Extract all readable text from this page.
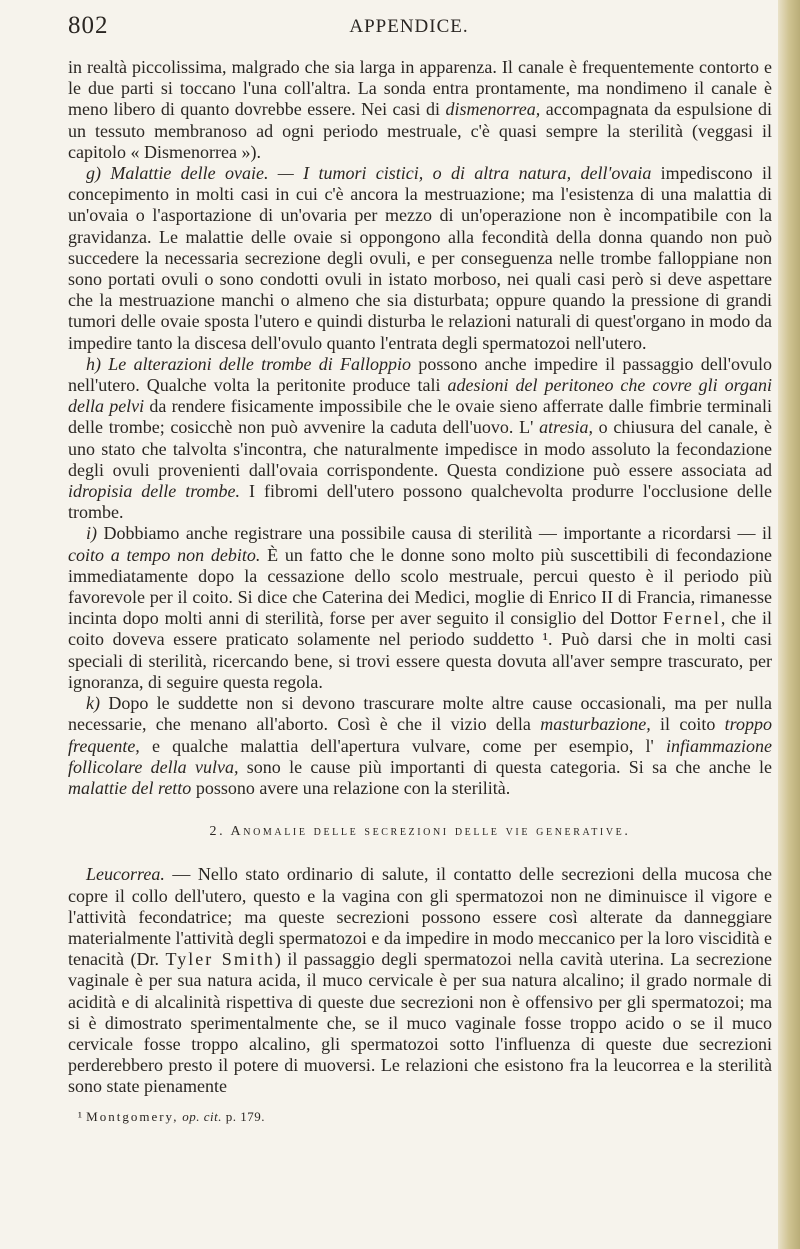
802	APPENDICE.

in realtà piccolissima, malgrado che sia larga in apparenza. Il canale è frequentemente contorto e le due parti si toccano l'una coll'altra. La sonda entra prontamente, ma nondimeno il canale è meno libero di quanto dovrebbe essere. Nei casi di dismenorrea, accompagnata da espulsione di un tessuto membranoso ad ogni periodo mestruale, c'è quasi sempre la sterilità (veggasi il capitolo « Dismenorrea »).

g) Malattie delle ovaie. — I tumori cistici, o di altra natura, dell'ovaia impediscono il concepimento in molti casi in cui c'è ancora la mestruazione; ma l'esistenza di una malattia di un'ovaia o l'asportazione di un'ovaria per mezzo di un'operazione non è incompatibile con la gravidanza. Le malattie delle ovaie si oppongono alla fecondità della donna quando non può succedere la necessaria secrezione degli ovuli, e per conseguenza nelle trombe falloppiane non sono portati ovuli o sono condotti ovuli in istato morboso, nei quali casi però si deve aspettare che la mestruazione manchi o almeno che sia disturbata; oppure quando la pressione di grandi tumori delle ovaie sposta l'utero e quindi disturba le relazioni naturali di quest'organo in modo da impedire tanto la discesa dell'ovulo quanto l'entrata degli spermatozoi nell'utero.

h) Le alterazioni delle trombe di Falloppio possono anche impedire il passaggio dell'ovulo nell'utero. Qualche volta la peritonite produce tali adesioni del peritoneo che covre gli organi della pelvi da rendere fisicamente impossibile che le ovaie sieno afferrate dalle fimbrie terminali delle trombe; cosicchè non può avvenire la caduta dell'uovo. L' atresia, o chiusura del canale, è uno stato che talvolta s'incontra, che naturalmente impedisce in modo assoluto la fecondazione degli ovuli provenienti dall'ovaia corrispondente. Questa condizione può essere associata ad idropisia delle trombe. I fibromi dell'utero possono qualchevolta produrre l'occlusione delle trombe.

i) Dobbiamo anche registrare una possibile causa di sterilità — importante a ricordarsi — il coito a tempo non debito. È un fatto che le donne sono molto più suscettibili di fecondazione immediatamente dopo la cessazione dello scolo mestruale, percui questo è il periodo più favorevole per il coito. Si dice che Caterina dei Medici, moglie di Enrico II di Francia, rimanesse incinta dopo molti anni di sterilità, forse per aver seguito il consiglio del Dottor Fernel, che il coito doveva essere praticato solamente nel periodo suddetto ¹. Può darsi che in molti casi speciali di sterilità, ricercando bene, si trovi essere questa dovuta all'aver sempre trascurato, per ignoranza, di seguire questa regola.

k) Dopo le suddette non si devono trascurare molte altre cause occasionali, ma per nulla necessarie, che menano all'aborto. Così è che il vizio della masturbazione, il coito troppo frequente, e qualche malattia dell'apertura vulvare, come per esempio, l' infiammazione follicolare della vulva, sono le cause più importanti di questa categoria. Si sa che anche le malattie del retto possono avere una relazione con la sterilità.

2. Anomalie delle secrezioni delle vie generative.

Leucorrea. — Nello stato ordinario di salute, il contatto delle secrezioni della mucosa che copre il collo dell'utero, questo e la vagina con gli spermatozoi non ne diminuisce il vigore e l'attività fecondatrice; ma queste secrezioni possono essere così alterate da danneggiare materialmente l'attività degli spermatozoi e da impedire in modo meccanico per la loro viscidità e tenacità (Dr. Tyler Smith) il passaggio degli spermatozoi nella cavità uterina. La secrezione vaginale è per sua natura acida, il muco cervicale è per sua natura alcalino; il grado normale di acidità e di alcalinità rispettiva di queste due secrezioni non è offensivo per gli spermatozoi; ma si è dimostrato sperimentalmente che, se il muco vaginale fosse troppo acido o se il muco cervicale fosse troppo alcalino, gli spermatozoi sotto l'influenza di queste due secrezioni perderebbero presto il potere di muoversi. Le relazioni che esistono fra la leucorrea e la sterilità sono state pienamente

¹ Montgomery, op. cit. p. 179.
